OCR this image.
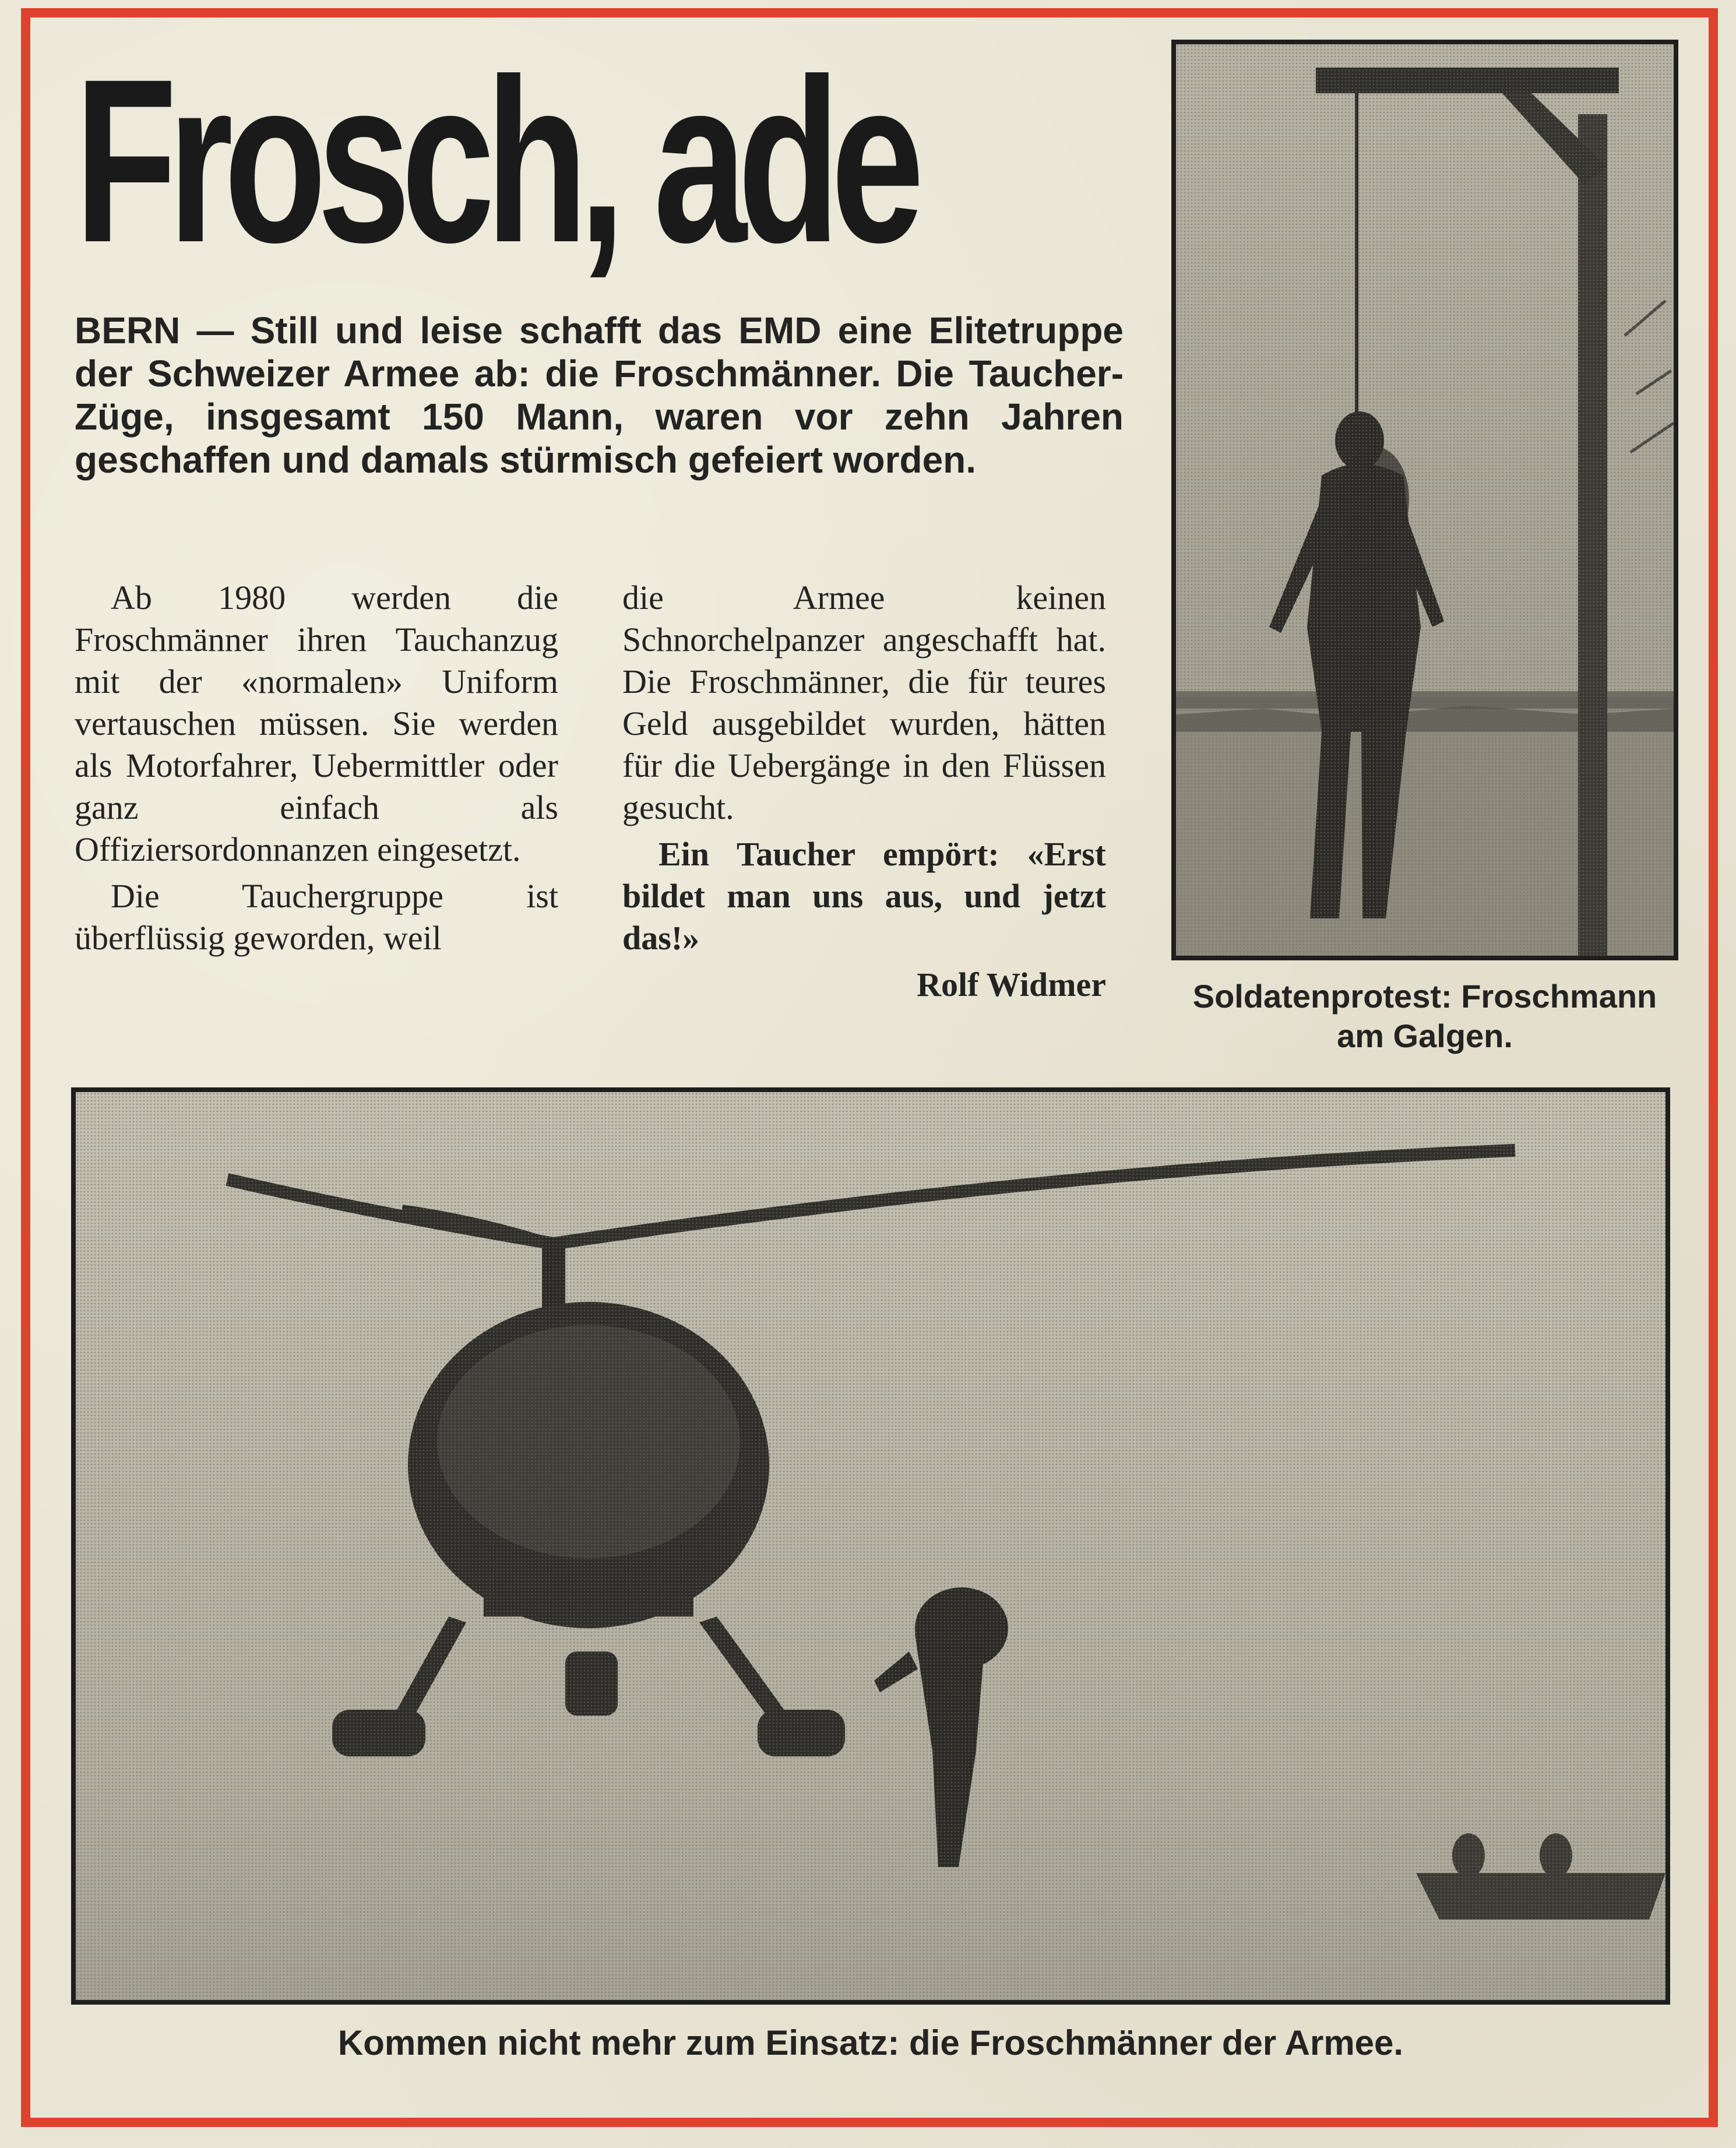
Frosch, ade

BERN — Still und leise schafft das EMD eine Elitetruppe der Schweizer Armee ab: die Froschmänner. Die Taucher-Züge, insgesamt 150 Mann, waren vor zehn Jahren geschaffen und damals stürmisch gefeiert worden.

Ab 1980 werden die Froschmänner ihren Tauchanzug mit der «normalen» Uniform vertauschen müssen. Sie werden als Motorfahrer, Uebermittler oder ganz einfach als Offiziersordonnanzen eingesetzt.

Die Tauchergruppe ist überflüssig geworden, weil

die Armee keinen Schnorchelpanzer angeschafft hat. Die Froschmänner, die für teures Geld ausgebildet wurden, hätten für die Uebergänge in den Flüssen gesucht.

Ein Taucher empört: «Erst bildet man uns aus, und jetzt das!»

Rolf Widmer	Soldatenprotest: Froschmann am Galgen.
Kommen nicht mehr zum Einsatz: die Froschmänner der Armee.
